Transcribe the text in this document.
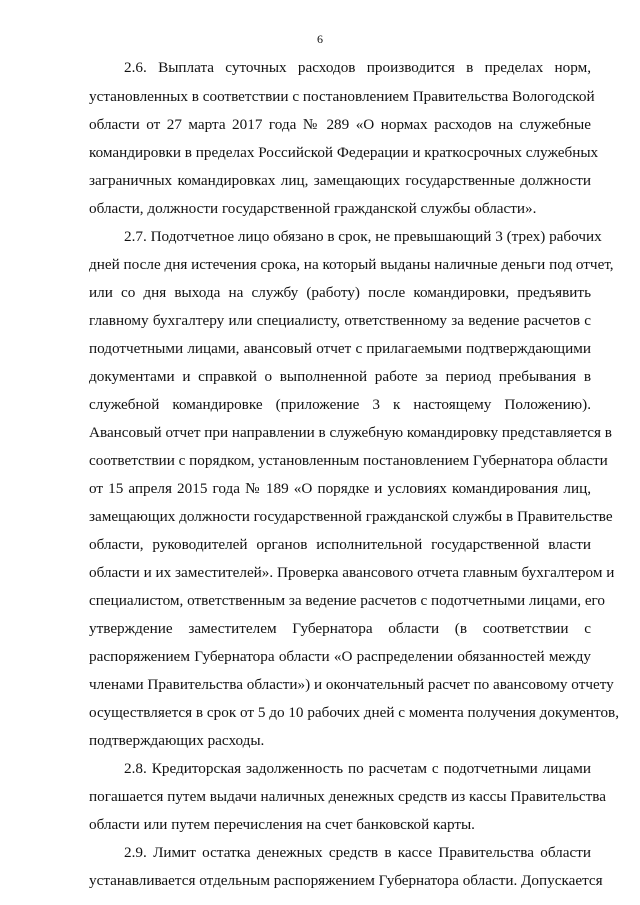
6
2.6. Выплата суточных расходов производится в пределах норм,
установленных в соответствии с постановлением Правительства Вологодской
области от 27 марта 2017 года № 289 «О нормах расходов на служебные
командировки в пределах Российской Федерации и краткосрочных служебных
заграничных командировках лиц, замещающих государственные должности
области, должности государственной гражданской службы области».
2.7. Подотчетное лицо обязано в срок, не превышающий 3 (трех) рабочих
дней после дня истечения срока, на который выданы наличные деньги под отчет,
или со дня выхода на службу (работу) после командировки, предъявить
главному бухгалтеру или специалисту, ответственному за ведение расчетов с
подотчетными лицами, авансовый отчет с прилагаемыми подтверждающими
документами и справкой о выполненной работе за период пребывания в
служебной командировке (приложение 3 к настоящему Положению).
Авансовый отчет при направлении в служебную командировку представляется в
соответствии с порядком, установленным постановлением Губернатора области
от 15 апреля 2015 года № 189 «О порядке и условиях командирования лиц,
замещающих должности государственной гражданской службы в Правительстве
области, руководителей органов исполнительной государственной власти
области и их заместителей». Проверка авансового отчета главным бухгалтером и
специалистом, ответственным за ведение расчетов с подотчетными лицами, его
утверждение заместителем Губернатора области (в соответствии с
распоряжением Губернатора области «О распределении обязанностей между
членами Правительства области») и окончательный расчет по авансовому отчету
осуществляется в срок от 5 до 10 рабочих дней с момента получения документов,
подтверждающих расходы.
2.8. Кредиторская задолженность по расчетам с подотчетными лицами
погашается путем выдачи наличных денежных средств из кассы Правительства
области или путем перечисления на счет банковской карты.
2.9. Лимит остатка денежных средств в кассе Правительства области
устанавливается отдельным распоряжением Губернатора области. Допускается
